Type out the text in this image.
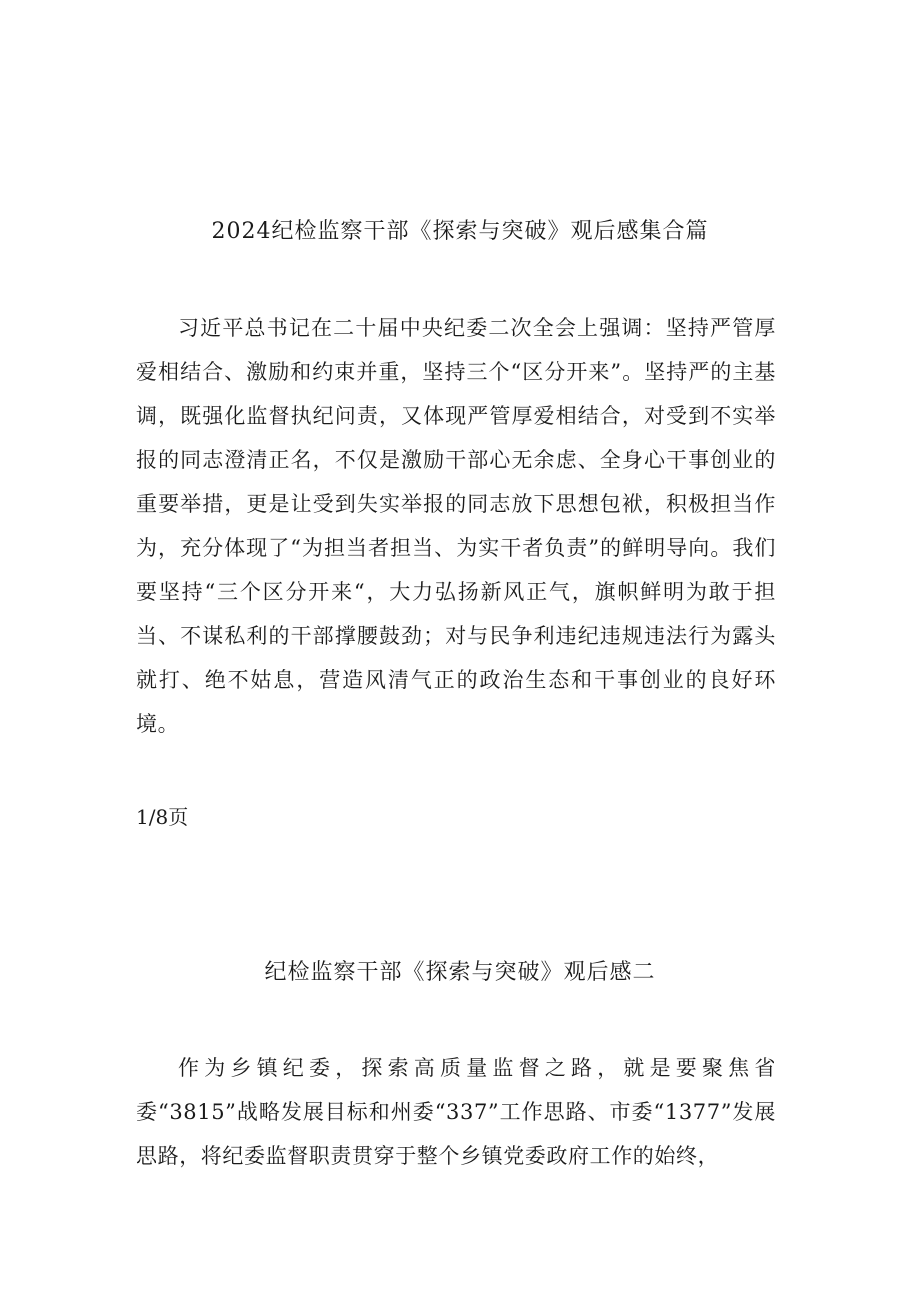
2024纪检监察干部《探索与突破》观后感集合篇

习近平总书记在二十届中央纪委二次全会上强调：坚持严管厚爱相结合、激励和约束并重，坚持三个“区分开来”。坚持严的主基调，既强化监督执纪问责，又体现严管厚爱相结合，对受到不实举报的同志澄清正名，不仅是激励干部心无余虑、全身心干事创业的重要举措，更是让受到失实举报的同志放下思想包袱，积极担当作为，充分体现了“为担当者担当、为实干者负责”的鲜明导向。我们要坚持“三个区分开来“，大力弘扬新风正气，旗帜鲜明为敢于担当、不谋私利的干部撑腰鼓劲；对与民争利违纪违规违法行为露头就打、绝不姑息，营造风清气正的政治生态和干事创业的良好环境。

1/8页

纪检监察干部《探索与突破》观后感二

作为乡镇纪委，探索高质量监督之路，就是要聚焦省委“3815”战略发展目标和州委“337”工作思路、市委“1377”发展思路，将纪委监督职责贯穿于整个乡镇党委政府工作的始终，
